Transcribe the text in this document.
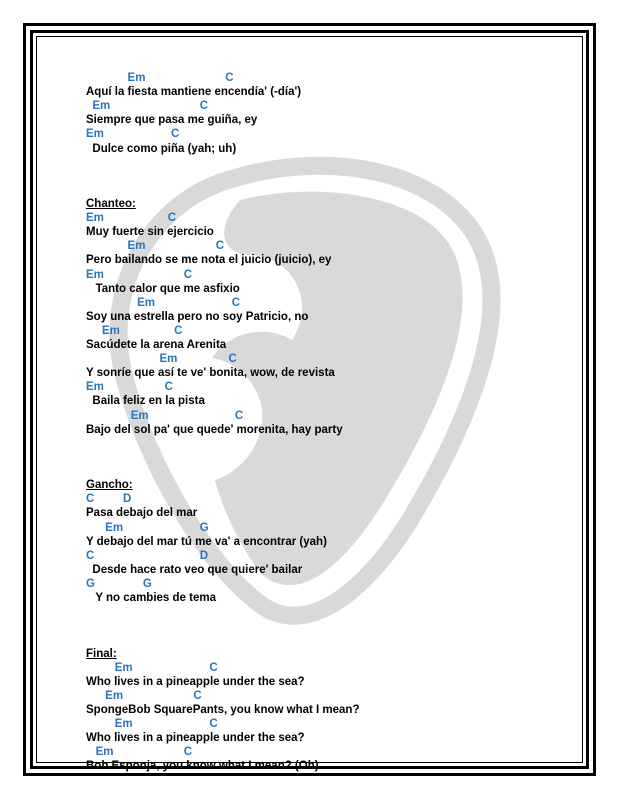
Em                         C
Aquí la fiesta mantiene encendía' (-día')
Em                            C
Siempre que pasa me guiña, ey
Em                     C
Dulce como piña (yah; uh)
Chanteo:
Em                    C
Muy fuerte sin ejercicio
Em                      C
Pero bailando se me nota el juicio (juicio), ey
Em                         C
Tanto calor que me asfixio
Em                        C
Soy una estrella pero no soy Patricio, no
Em                 C
Sacúdete la arena Arenita
Em                C
Y sonríe que así te ve' bonita, wow, de revista
Em                   C
Baila feliz en la pista
Em                           C
Bajo del sol pa' que quede' morenita, hay party
Gancho:
C         D
Pasa debajo del mar
Em                        G
Y debajo del mar tú me va' a encontrar (yah)
C                                 D
Desde hace rato veo que quiere' bailar
G               G
Y no cambies de tema
Final:
Em                        C
Who lives in a pineapple under the sea?
Em                      C
SpongeBob SquarePants, you know what I mean?
Em                        C
Who lives in a pineapple under the sea?
Em                      C
Bob Esponja, you know what I mean? (Oh)
